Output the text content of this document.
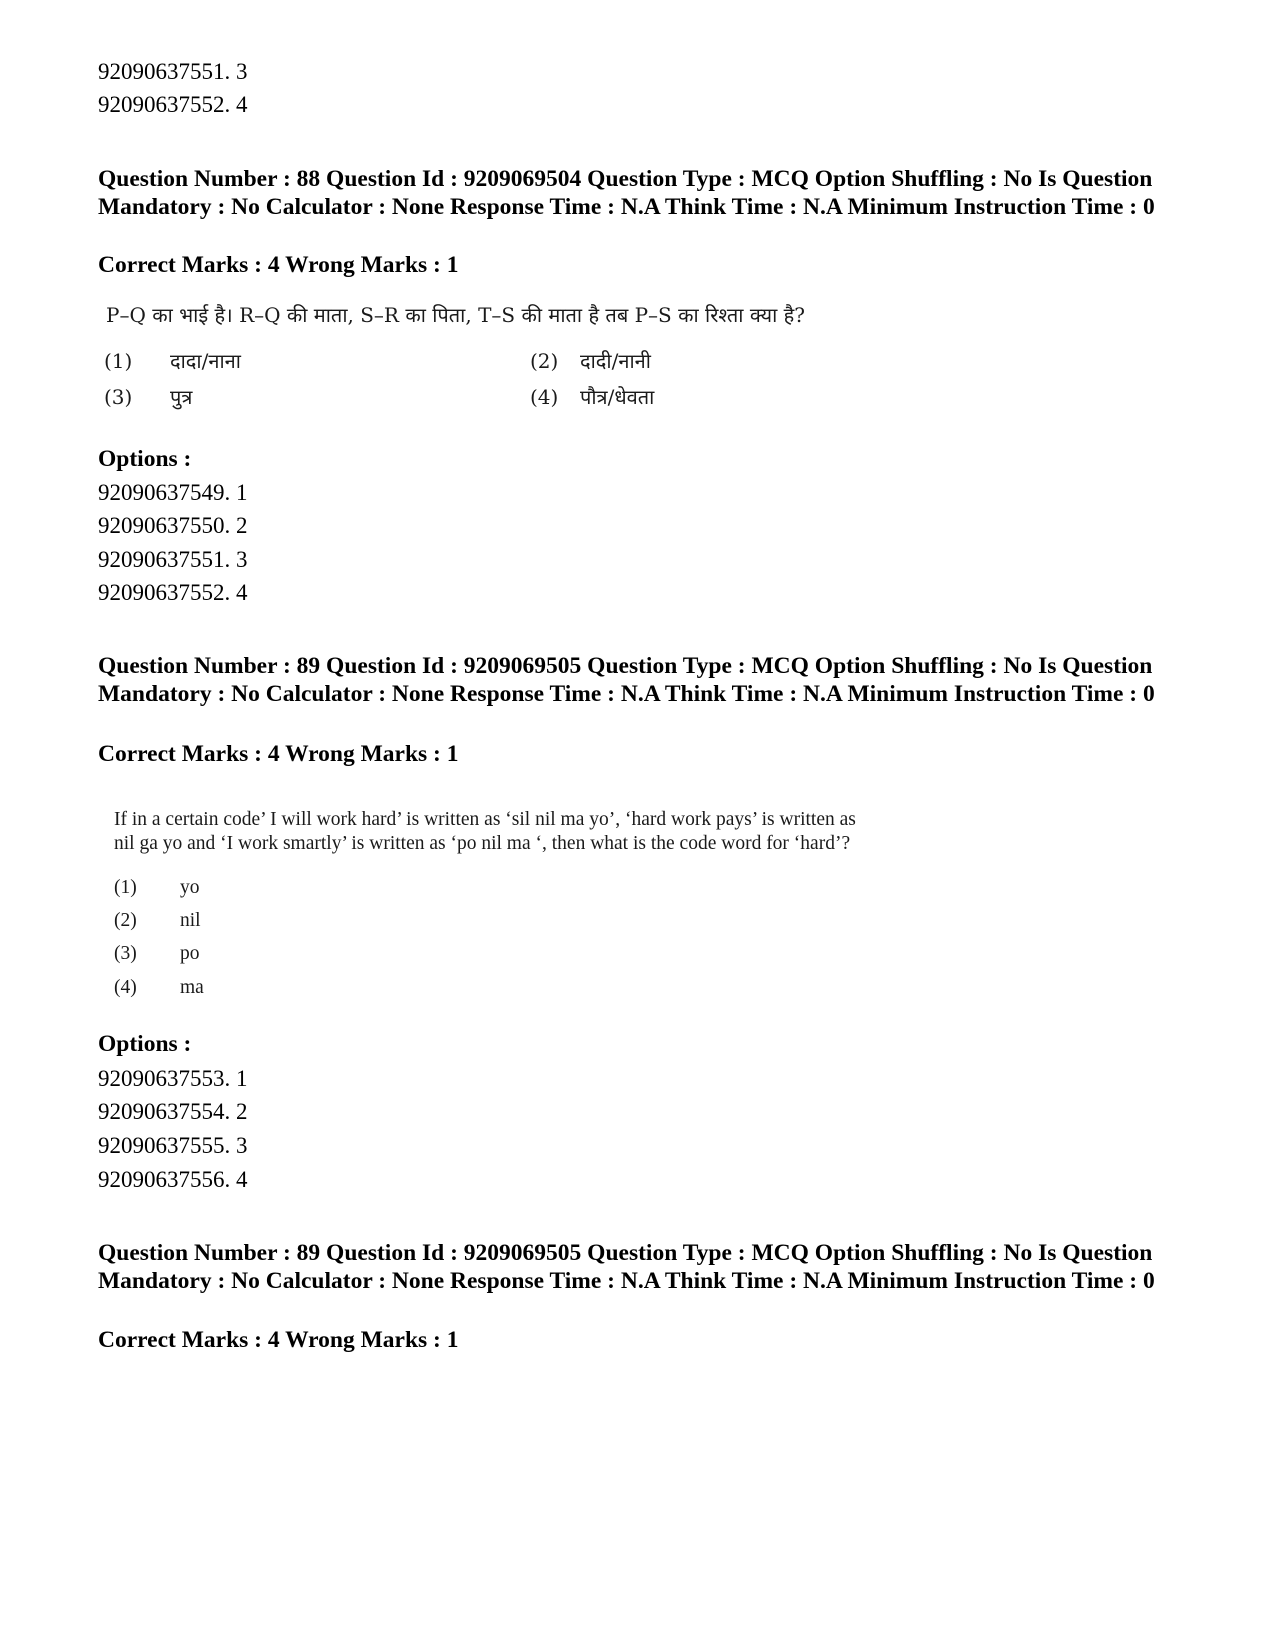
92090637551. 3
92090637552. 4
Question Number : 88 Question Id : 9209069504 Question Type : MCQ Option Shuffling : No Is Question Mandatory : No Calculator : None Response Time : N.A Think Time : N.A Minimum Instruction Time : 0
Correct Marks : 4 Wrong Marks : 1
P–Q का भाई है। R–Q की माता, S–R का पिता, T–S की माता है तब P–S का रिश्ता क्या है?
(1) दादा/नाना	(2) दादी/नानी
(3) पुत्र	(4) पौत्र/धेवता
Options :
92090637549. 1
92090637550. 2
92090637551. 3
92090637552. 4
Question Number : 89 Question Id : 9209069505 Question Type : MCQ Option Shuffling : No Is Question Mandatory : No Calculator : None Response Time : N.A Think Time : N.A Minimum Instruction Time : 0
Correct Marks : 4 Wrong Marks : 1
If in a certain code’ I will work hard’ is written as ‘sil nil ma yo’, ‘hard work pays’ is written as
nil ga yo and ‘I work smartly’ is written as ‘po nil ma ‘, then what is the code word for ‘hard’?
(1) yo
(2) nil
(3) po
(4) ma
Options :
92090637553. 1
92090637554. 2
92090637555. 3
92090637556. 4
Question Number : 89 Question Id : 9209069505 Question Type : MCQ Option Shuffling : No Is Question Mandatory : No Calculator : None Response Time : N.A Think Time : N.A Minimum Instruction Time : 0
Correct Marks : 4 Wrong Marks : 1
